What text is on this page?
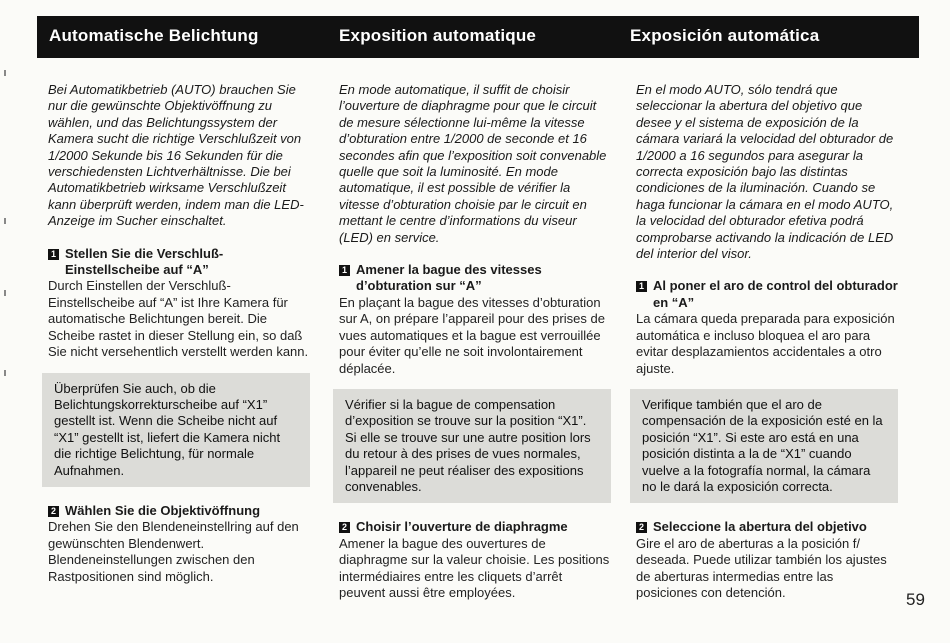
Automatische Belichtung	Exposition automatique	Exposición automática

Bei Automatikbetrieb (AUTO) brauchen Sie nur die gewünschte Objektivöffnung zu wählen, und das Belichtungssystem der Kamera sucht die richtige Verschlußzeit von 1/2000 Sekunde bis 16 Sekunden für die verschiedensten Lichtverhältnisse. Die bei Automatikbetrieb wirksame Verschlußzeit kann überprüft werden, indem man die LED-Anzeige im Sucher einschaltet.

1 Stellen Sie die Verschluß-Einstellscheibe auf “A”

Durch Einstellen der Verschluß-Einstellscheibe auf “A” ist Ihre Kamera für automatische Belichtungen bereit. Die Scheibe rastet in dieser Stellung ein, so daß Sie nicht versehentlich verstellt werden kann.

Überprüfen Sie auch, ob die Belichtungskorrekturscheibe auf “X1” gestellt ist. Wenn die Scheibe nicht auf “X1” gestellt ist, liefert die Kamera nicht die richtige Belichtung, für normale Aufnahmen.

2 Wählen Sie die Objektivöffnung

Drehen Sie den Blendeneinstellring auf den gewünschten Blendenwert. Blendeneinstellungen zwischen den Rastpositionen sind möglich.

En mode automatique, il suffit de choisir l’ouverture de diaphragme pour que le circuit de mesure sélectionne lui-même la vitesse d’obturation entre 1/2000 de seconde et 16 secondes afin que l’exposition soit convenable quelle que soit la luminosité. En mode automatique, il est possible de vérifier la vitesse d’obturation choisie par le circuit en mettant le centre d’informations du viseur (LED) en service.

1 Amener la bague des vitesses d’obturation sur “A”

En plaçant la bague des vitesses d’obturation sur A, on prépare l’appareil pour des prises de vues automatiques et la bague est verrouillée pour éviter qu’elle ne soit involontairement déplacée.

Vérifier si la bague de compensation d’exposition se trouve sur la position “X1”. Si elle se trouve sur une autre position lors du retour à des prises de vues normales, l’appareil ne peut réaliser des expositions convenables.

2 Choisir l’ouverture de diaphragme

Amener la bague des ouvertures de diaphragme sur la valeur choisie. Les positions intermédiaires entre les cliquets d’arrêt peuvent aussi être employées.

En el modo AUTO, sólo tendrá que seleccionar la abertura del objetivo que desee y el sistema de exposición de la cámara variará la velocidad del obturador de 1/2000 a 16 segundos para asegurar la correcta exposición bajo las distintas condiciones de la iluminación. Cuando se haga funcionar la cámara en el modo AUTO, la velocidad del obturador efetiva podrá comprobarse activando la indicación de LED del interior del visor.

1 Al poner el aro de control del obturador en “A”

La cámara queda preparada para exposición automática e incluso bloquea el aro para evitar desplazamientos accidentales a otro ajuste.

Verifique también que el aro de compensación de la exposición esté en la posición “X1”. Si este aro está en una posición distinta a la de “X1” cuando vuelve a la fotografía normal, la cámara no le dará la exposición correcta.

2 Seleccione la abertura del objetivo

Gire el aro de aberturas a la posición f/ deseada. Puede utilizar también los ajustes de aberturas intermedias entre las posiciones con detención.	59
